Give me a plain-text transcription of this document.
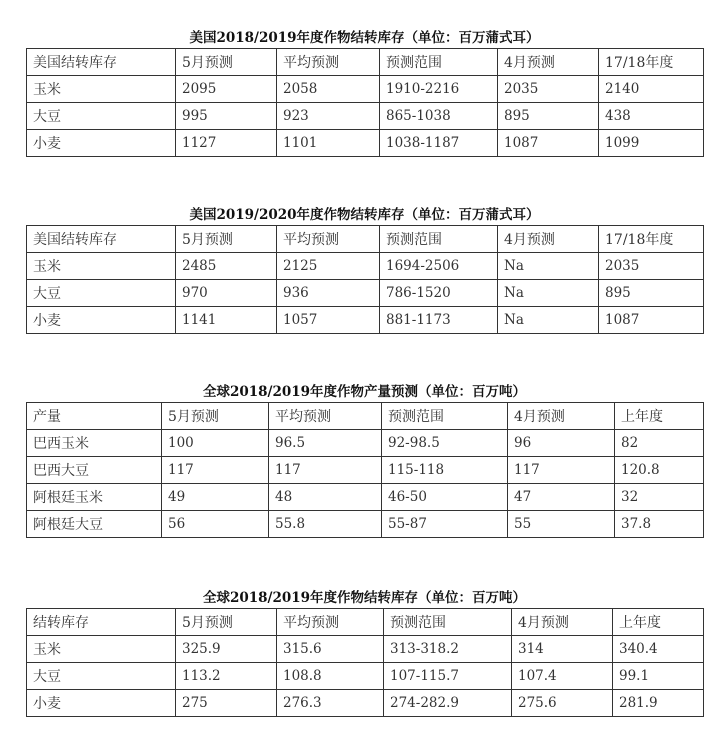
美国2018/2019年度作物结转库存（单位：百万蒲式耳）
美国结转库存	5月预测	平均预测	预测范围	4月预测	17/18年度
玉米	2095	2058	1910-2216	2035	2140
大豆	995	923	865-1038	895	438
小麦	1127	1101	1038-1187	1087	1099
美国2019/2020年度作物结转库存（单位：百万蒲式耳）
美国结转库存	5月预测	平均预测	预测范围	4月预测	17/18年度
玉米	2485	2125	1694-2506	Na	2035
大豆	970	936	786-1520	Na	895
小麦	1141	1057	881-1173	Na	1087
全球2018/2019年度作物产量预测（单位：百万吨）
产量	5月预测	平均预测	预测范围	4月预测	上年度
巴西玉米	100	96.5	92-98.5	96	82
巴西大豆	117	117	115-118	117	120.8
阿根廷玉米	49	48	46-50	47	32
阿根廷大豆	56	55.8	55-87	55	37.8
全球2018/2019年度作物结转库存（单位：百万吨）
结转库存	5月预测	平均预测	预测范围	4月预测	上年度
玉米	325.9	315.6	313-318.2	314	340.4
大豆	113.2	108.8	107-115.7	107.4	99.1
小麦	275	276.3	274-282.9	275.6	281.9
